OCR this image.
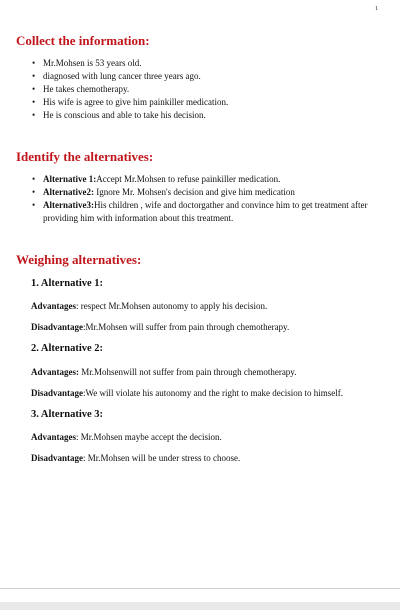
1
Collect the information:
• Mr.Mohsen is 53 years old.
• diagnosed with lung cancer three years ago.
• He takes chemotherapy.
• His wife is agree to give him painkiller medication.
• He is conscious and able to take his decision.
Identify the alternatives:
• Alternative 1:Accept Mr.Mohsen to refuse painkiller medication.
• Alternative2: Ignore Mr. Mohsen's decision and give him medication
• Alternative3:His children , wife and doctorgather and convince him to get treatment after providing him with information about this treatment.
Weighing alternatives:
1. Alternative 1:

Advantages: respect Mr.Mohsen autonomy to apply his decision.

Disadvantage:Mr.Mohsen will suffer from pain through chemotherapy.

2. Alternative 2:

Advantages: Mr.Mohsenwill not suffer from pain through chemotherapy.

Disadvantage:We will violate his autonomy and the right to make decision to himself.

3. Alternative 3:

Advantages: Mr.Mohsen maybe accept the decision.

Disadvantage: Mr.Mohsen will be under stress to choose.
